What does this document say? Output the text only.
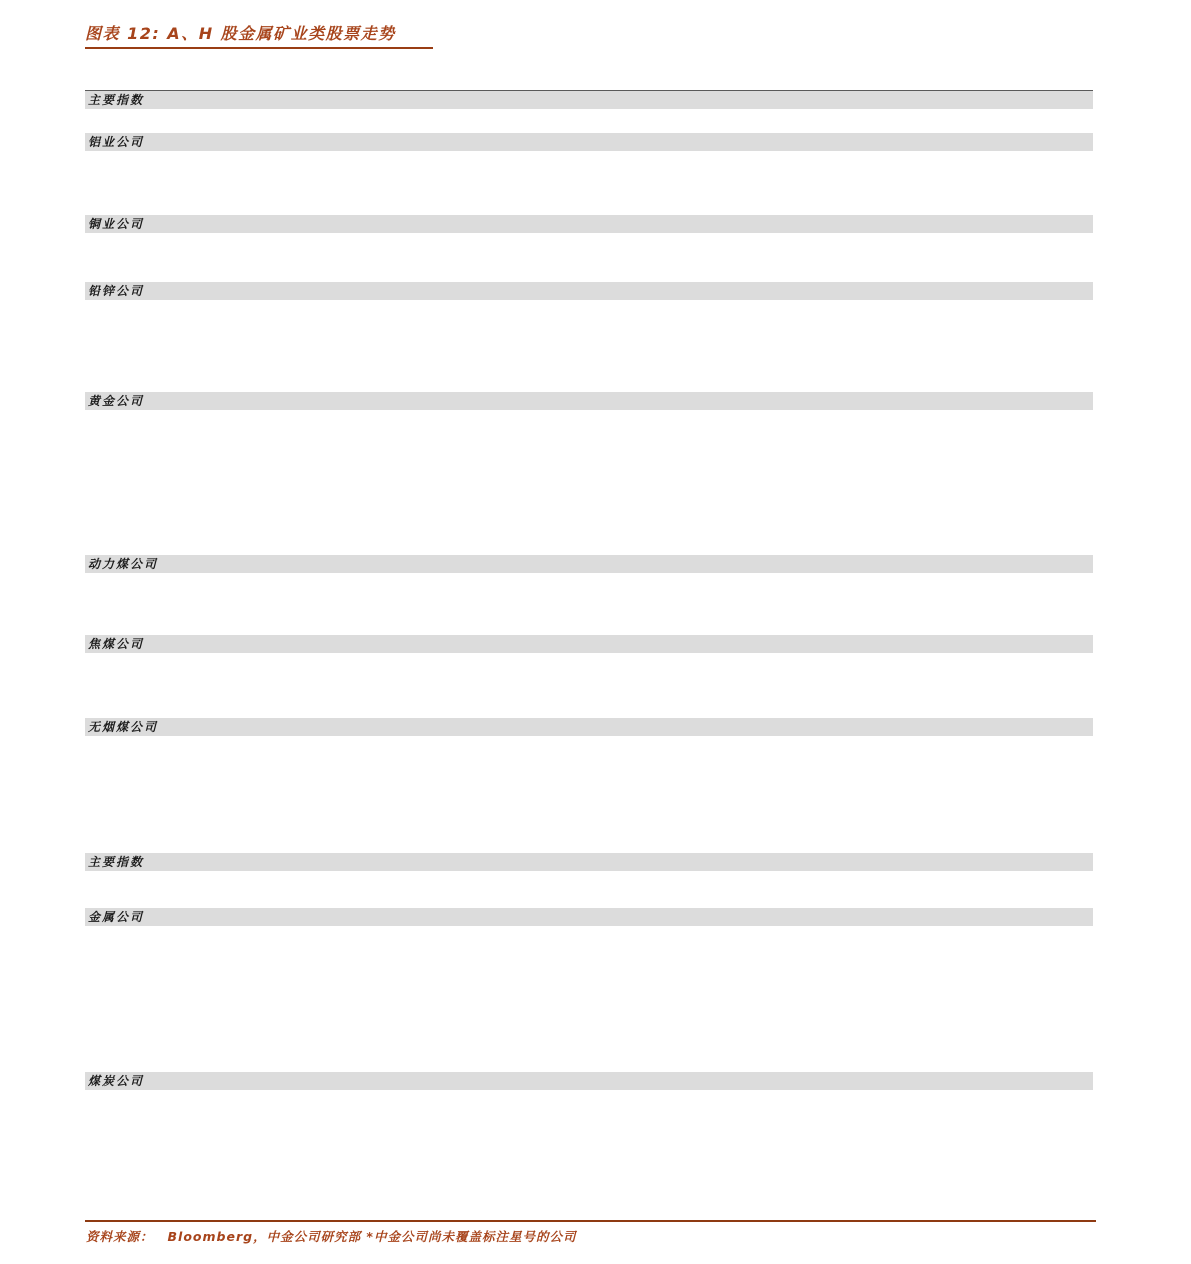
图表 12: A、H 股金属矿业类股票走势
主要指数
铝业公司
铜业公司
铅锌公司
黄金公司
动力煤公司
焦煤公司
无烟煤公司
主要指数
金属公司
煤炭公司
资料来源： Bloomberg，中金公司研究部 *中金公司尚未覆盖标注星号的公司
